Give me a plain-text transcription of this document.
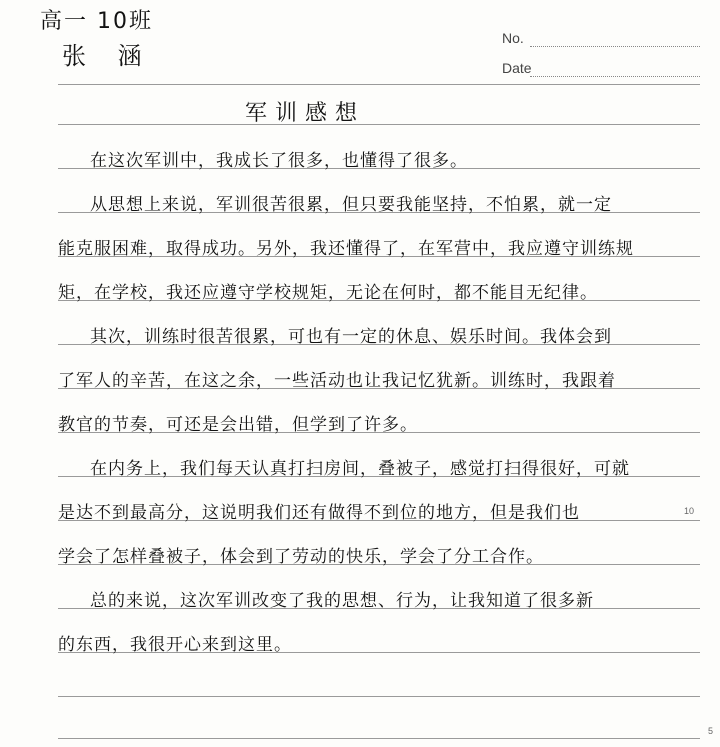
高一 10班
张 涵
No.
Date
军训感想
在这次军训中，我成长了很多，也懂得了很多。
从思想上来说，军训很苦很累，但只要我能坚持，不怕累，就一定
能克服困难，取得成功。另外，我还懂得了，在军营中，我应遵守训练规
矩，在学校，我还应遵守学校规矩，无论在何时，都不能目无纪律。
其次，训练时很苦很累，可也有一定的休息、娱乐时间。我体会到
了军人的辛苦，在这之余，一些活动也让我记忆犹新。训练时，我跟着
教官的节奏，可还是会出错，但学到了许多。
在内务上，我们每天认真打扫房间，叠被子，感觉打扫得很好，可就
是达不到最高分，这说明我们还有做得不到位的地方，但是我们也
学会了怎样叠被子，体会到了劳动的快乐，学会了分工合作。
总的来说，这次军训改变了我的思想、行为，让我知道了很多新
的东西，我很开心来到这里。
10
5
